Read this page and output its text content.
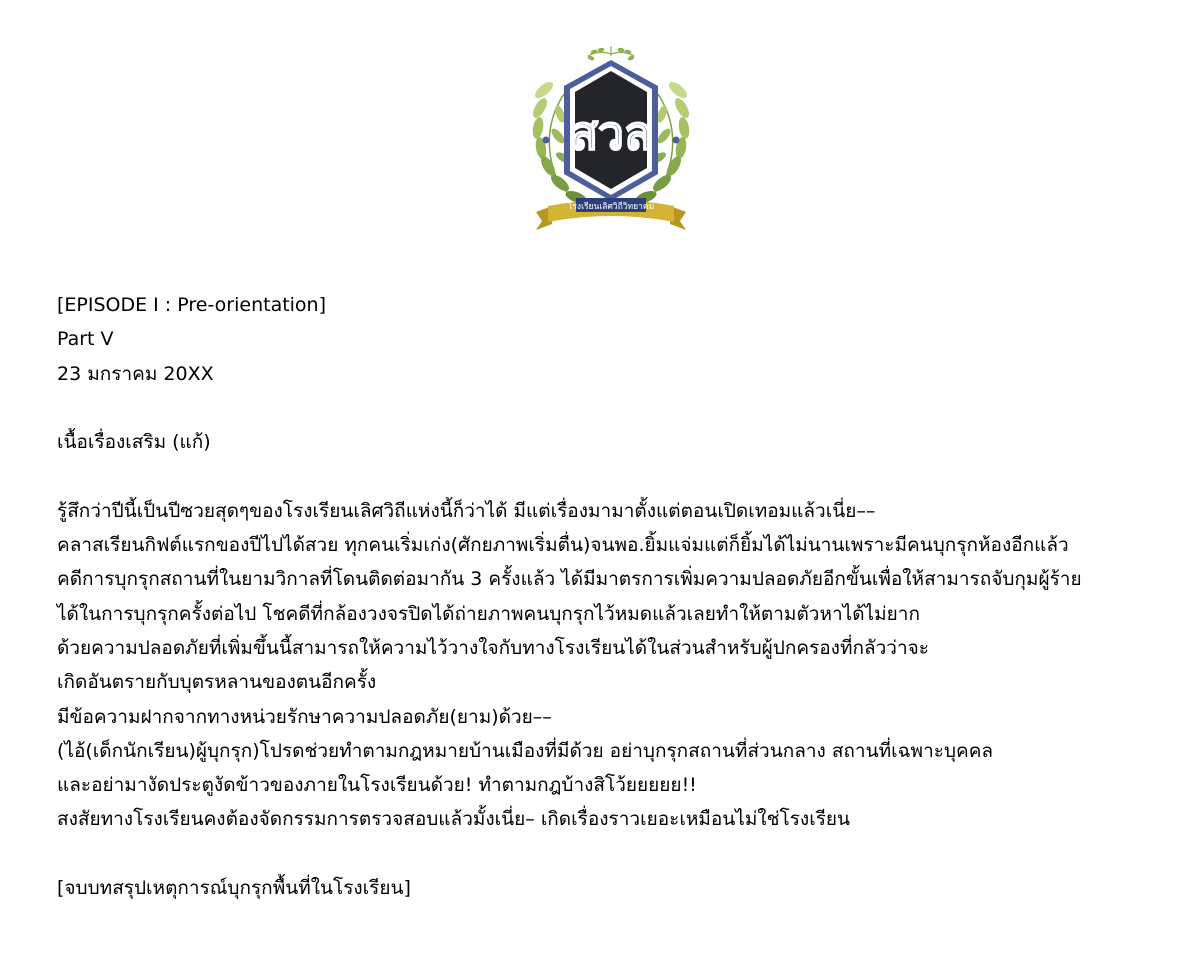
สวล
โรงเรียนเลิศวิถีวิทยาคม
[EPISODE I : Pre-orientation]
Part V
23 มกราคม 20XX
เนื้อเรื่องเสริม (แก้)
รู้สึกว่าปีนี้เป็นปีซวยสุดๆของโรงเรียนเลิศวิถีแห่งนี้ก็ว่าได้ มีแต่เรื่องมามาตั้งแต่ตอนเปิดเทอมแล้วเนี่ย––
คลาสเรียนกิฟต์แรกของปีไปได้สวย ทุกคนเริ่มเก่ง(ศักยภาพเริ่มตื่น)จนพอ.ยิ้มแจ่มแต่ก็ยิ้มได้ไม่นานเพราะมีคนบุกรุกห้องอีกแล้ว
คดีการบุกรุกสถานที่ในยามวิกาลที่โดนติดต่อมากัน 3 ครั้งแล้ว ได้มีมาตรการเพิ่มความปลอดภัยอีกขั้นเพื่อให้สามารถจับกุมผู้ร้าย
ได้ในการบุกรุกครั้งต่อไป โชคดีที่กล้องวงจรปิดได้ถ่ายภาพคนบุกรุกไว้หมดแล้วเลยทำให้ตามตัวหาได้ไม่ยาก
ด้วยความปลอดภัยที่เพิ่มขึ้นนี้สามารถให้ความไว้วางใจกับทางโรงเรียนได้ในส่วนสำหรับผู้ปกครองที่กลัวว่าจะ
เกิดอันตรายกับบุตรหลานของตนอีกครั้ง
มีข้อความฝากจากทางหน่วยรักษาความปลอดภัย(ยาม)ด้วย––
(ไอ้(เด็กนักเรียน)ผู้บุกรุก)โปรดช่วยทำตามกฎหมายบ้านเมืองที่มีด้วย อย่าบุกรุกสถานที่ส่วนกลาง สถานที่เฉพาะบุคคล
และอย่ามางัดประตูงัดข้าวของภายในโรงเรียนด้วย! ทำตามกฎบ้างสิโว้ยยยยย!!
สงสัยทางโรงเรียนคงต้องจัดกรรมการตรวจสอบแล้วมั้งเนี่ย– เกิดเรื่องราวเยอะเหมือนไม่ใช่โรงเรียน
[จบบทสรุปเหตุการณ์บุกรุกพื้นที่ในโรงเรียน]
